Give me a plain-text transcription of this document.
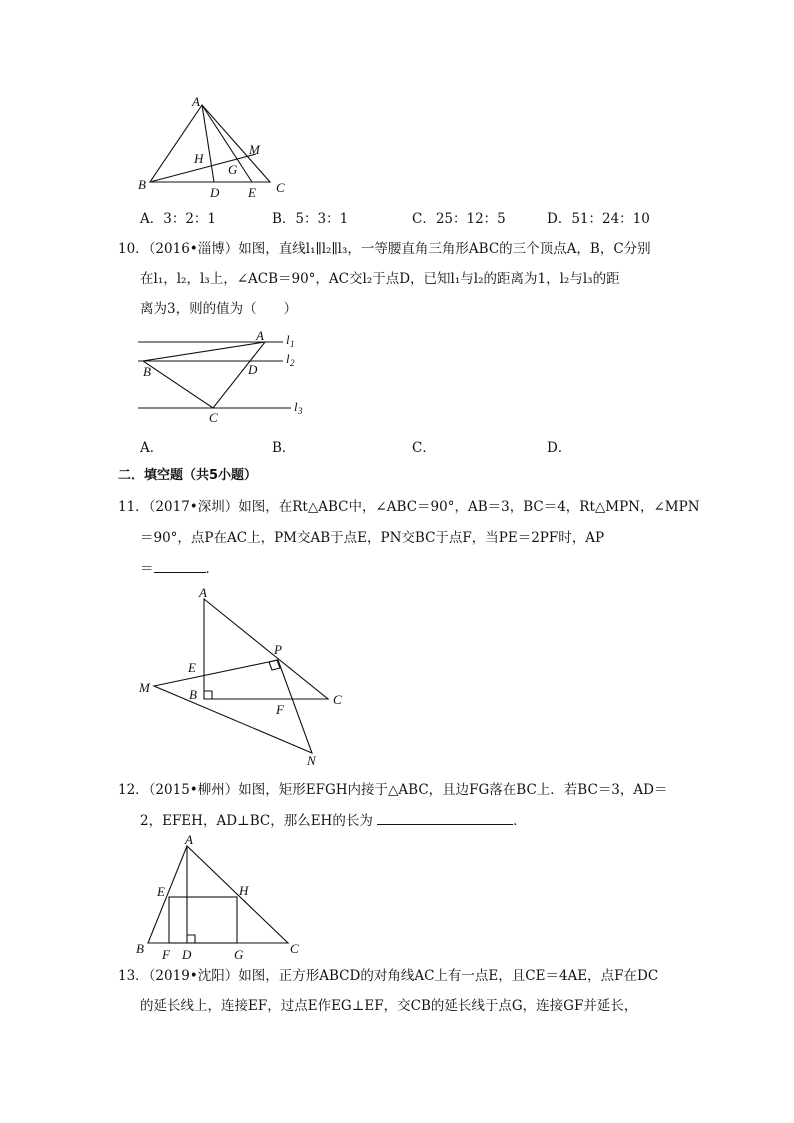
A
B	C
D E
M
H
G
A．3：2：1	B．5：3：1	C．25：12：5	D．51：24：10
10．（2016•淄博）如图，直线l₁∥l₂∥l₃，一等腰直角三角形ABC的三个顶点A，B，C分别
在l₁，l₂，l₃上，∠ACB＝90°，AC交l₂于点D，已知l₁与l₂的距离为1，l₂与l₃的距
离为3，则的值为（　　）
A
B
C
D
l 1
l 2
l 3
A．	B．	C．	D．
二．填空题（共5小题）
11．（2017•深圳）如图，在Rt△ABC中，∠ABC＝90°，AB＝3，BC＝4，Rt△MPN，∠MPN
＝90°，点P在AC上，PM交AB于点E，PN交BC于点F，当PE＝2PF时，AP
＝	．
A
B	C
E
F
M
N
P
12．（2015•柳州）如图，矩形EFGH内接于△ABC，且边FG落在BC上．若BC＝3，AD＝
2，EFEH，AD⊥BC，那么EH的长为	．
A
B	C
D
E
F	G
H
13．（2019•沈阳）如图，正方形ABCD的对角线AC上有一点E，且CE＝4AE，点F在DC
的延长线上，连接EF，过点E作EG⊥EF，交CB的延长线于点G，连接GF并延长，
